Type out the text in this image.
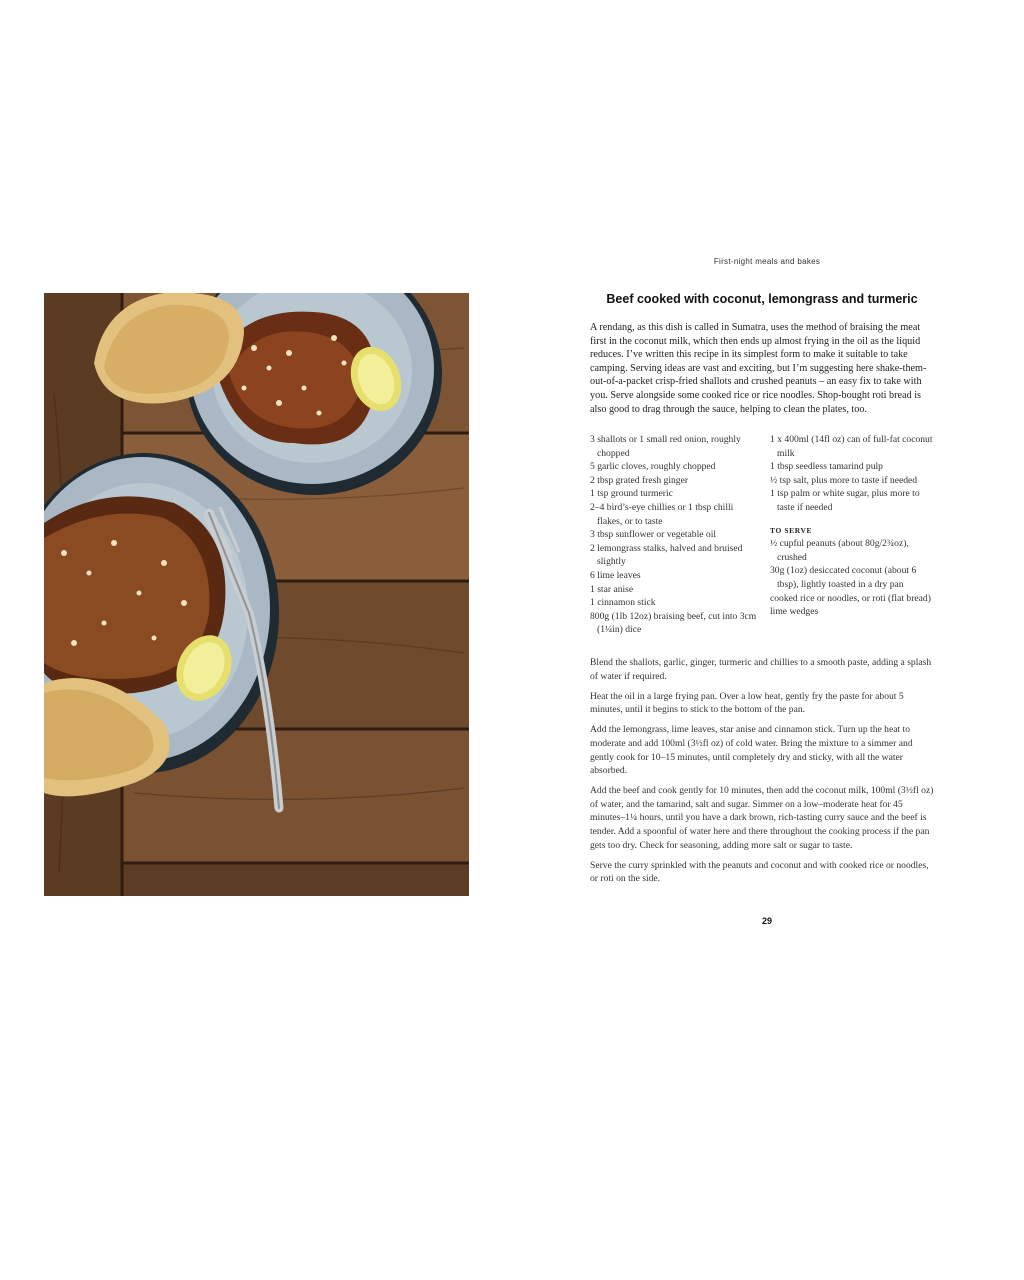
First-night meals and bakes
Beef cooked with coconut, lemongrass and turmeric

A rendang, as this dish is called in Sumatra, uses the method of braising the meat first in the coconut milk, which then ends up almost frying in the oil as the liquid reduces. I’ve written this recipe in its simplest form to make it suitable to take camping. Serving ideas are vast and exciting, but I’m suggesting here shake-them-out-of-a-packet crisp-fried shallots and crushed peanuts – an easy fix to take with you. Serve alongside some cooked rice or rice noodles. Shop-bought roti bread is also good to drag through the sauce, helping to clean the plates, too.

3 shallots or 1 small red onion, roughly chopped
5 garlic cloves, roughly chopped
2 tbsp grated fresh ginger
1 tsp ground turmeric
2–4 bird’s-eye chillies or 1 tbsp chilli flakes, or to taste
3 tbsp sunflower or vegetable oil
2 lemongrass stalks, halved and bruised slightly
6 lime leaves
1 star anise
1 cinnamon stick
800g (1lb 12oz) braising beef, cut into 3cm (1¼in) dice
1 x 400ml (14fl oz) can of full-fat coconut milk
1 tbsp seedless tamarind pulp
½ tsp salt, plus more to taste if needed
1 tsp palm or white sugar, plus more to taste if needed
TO SERVE
½ cupful peanuts (about 80g/2¾oz), crushed
30g (1oz) desiccated coconut (about 6 tbsp), lightly toasted in a dry pan
cooked rice or noodles, or roti (flat bread)
lime wedges

Blend the shallots, garlic, ginger, turmeric and chillies to a smooth paste, adding a splash of water if required.

Heat the oil in a large frying pan. Over a low heat, gently fry the paste for about 5 minutes, until it begins to stick to the bottom of the pan.

Add the lemongrass, lime leaves, star anise and cinnamon stick. Turn up the heat to moderate and add 100ml (3½fl oz) of cold water. Bring the mixture to a simmer and gently cook for 10–15 minutes, until completely dry and sticky, with all the water absorbed.

Add the beef and cook gently for 10 minutes, then add the coconut milk, 100ml (3½fl oz) of water, and the tamarind, salt and sugar. Simmer on a low–moderate heat for 45 minutes–1¼ hours, until you have a dark brown, rich-tasting curry sauce and the beef is tender. Add a spoonful of water here and there throughout the cooking process if the pan gets too dry. Check for seasoning, adding more salt or sugar to taste.

Serve the curry sprinkled with the peanuts and coconut and with cooked rice or noodles, or roti on the side.

29
